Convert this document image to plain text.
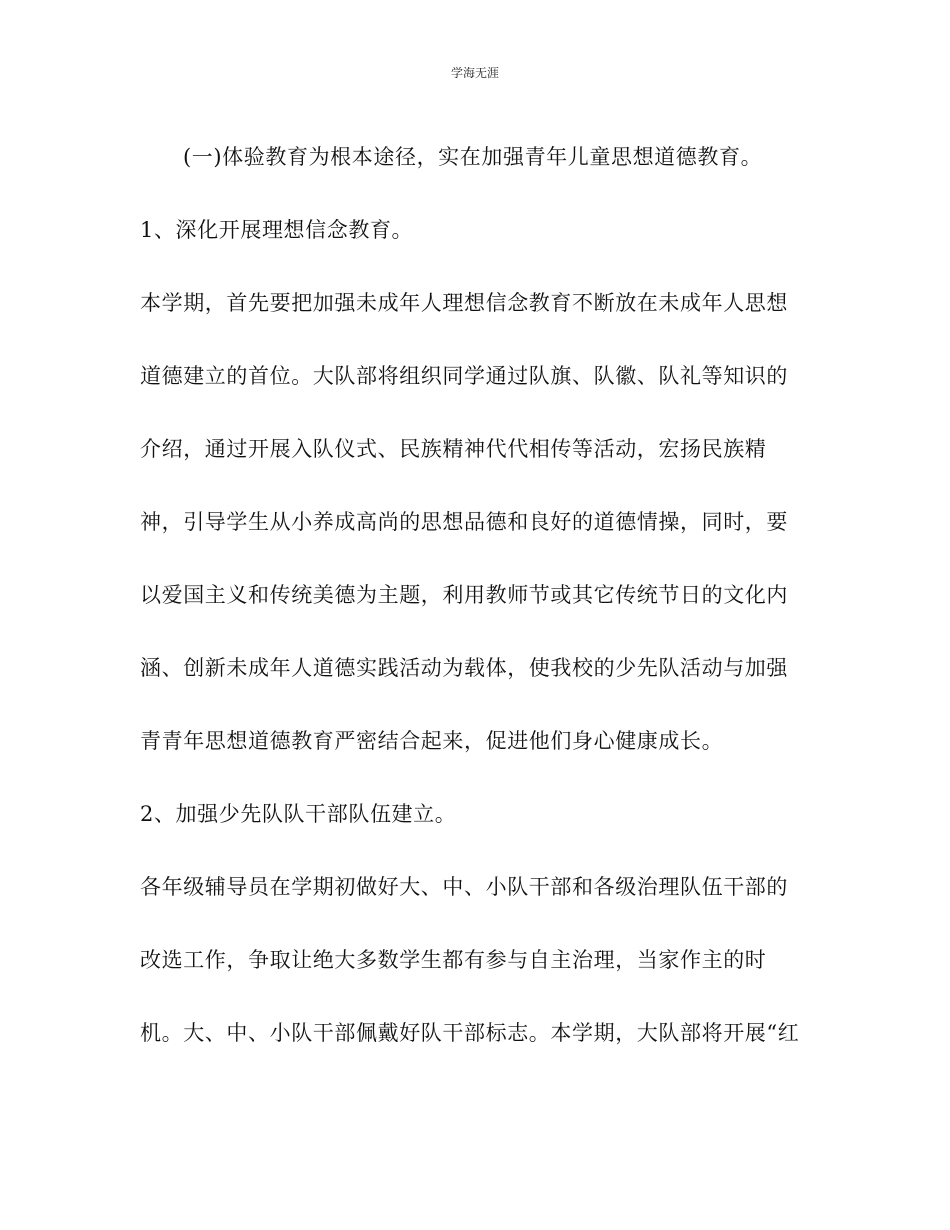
学海无涯
(一)体验教育为根本途径，实在加强青年儿童思想道德教育。
1、深化开展理想信念教育。
本学期，首先要把加强未成年人理想信念教育不断放在未成年人思想
道德建立的首位。大队部将组织同学通过队旗、队徽、队礼等知识的
介绍，通过开展入队仪式、民族精神代代相传等活动，宏扬民族精
神，引导学生从小养成高尚的思想品德和良好的道德情操，同时，要
以爱国主义和传统美德为主题，利用教师节或其它传统节日的文化内
涵、创新未成年人道德实践活动为载体，使我校的少先队活动与加强
青青年思想道德教育严密结合起来，促进他们身心健康成长。
2、加强少先队队干部队伍建立。
各年级辅导员在学期初做好大、中、小队干部和各级治理队伍干部的
改选工作，争取让绝大多数学生都有参与自主治理，当家作主的时
机。大、中、小队干部佩戴好队干部标志。本学期，大队部将开展“红
